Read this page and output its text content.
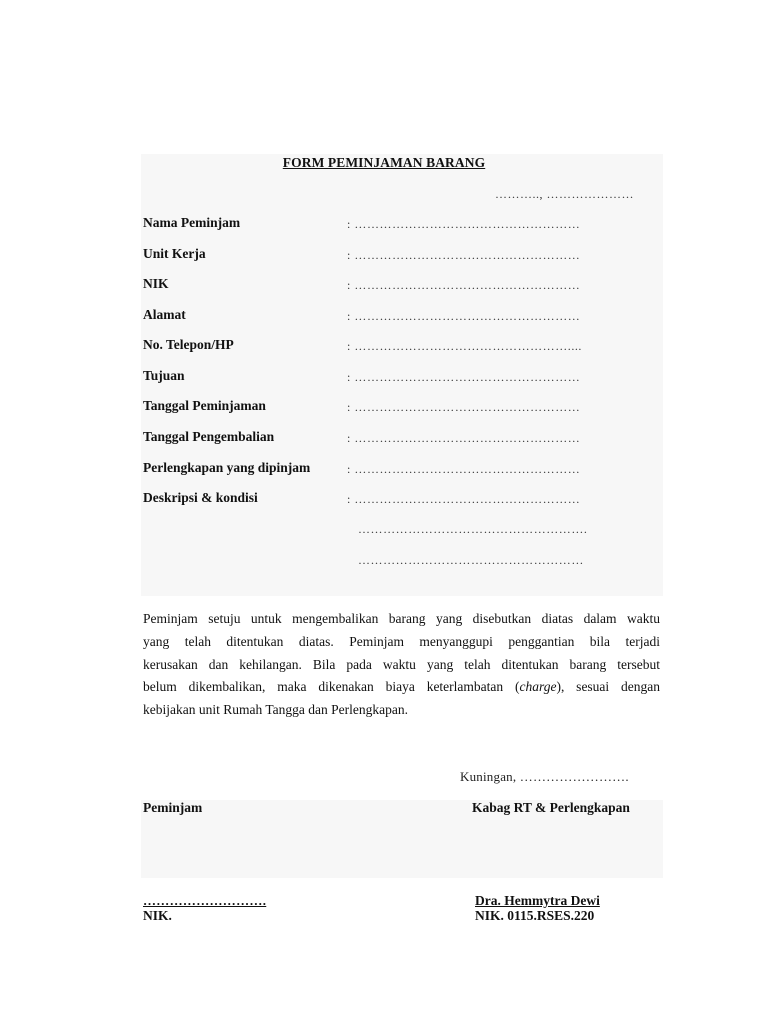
FORM PEMINJAMAN BARANG
……….., …………………
Nama Peminjam	: ………………………………………………
Unit Kerja	: ………………………………………………
NIK	: ………………………………………………
Alamat	: ………………………………………………
No. Telepon/HP	: ……………………………………………....
Tujuan	: ………………………………………………
Tanggal Peminjaman	: ………………………………………………
Tanggal Pengembalian	: ………………………………………………
Perlengkapan yang dipinjam	: ………………………………………………
Deskripsi & kondisi	: ………………………………………………
……………………………………………….
………………………………………………
Peminjam setuju untuk mengembalikan barang yang disebutkan diatas dalam waktu
yang telah ditentukan diatas. Peminjam menyanggupi penggantian bila terjadi
kerusakan dan kehilangan. Bila pada waktu yang telah ditentukan barang tersebut
belum dikembalikan, maka dikenakan biaya keterlambatan (charge), sesuai dengan
kebijakan unit Rumah Tangga dan Perlengkapan.
Kuningan, …………………….
Peminjam	Kabag RT & Perlengkapan
……………………….	Dra. Hemmytra Dewi
NIK.	NIK. 0115.RSES.220
